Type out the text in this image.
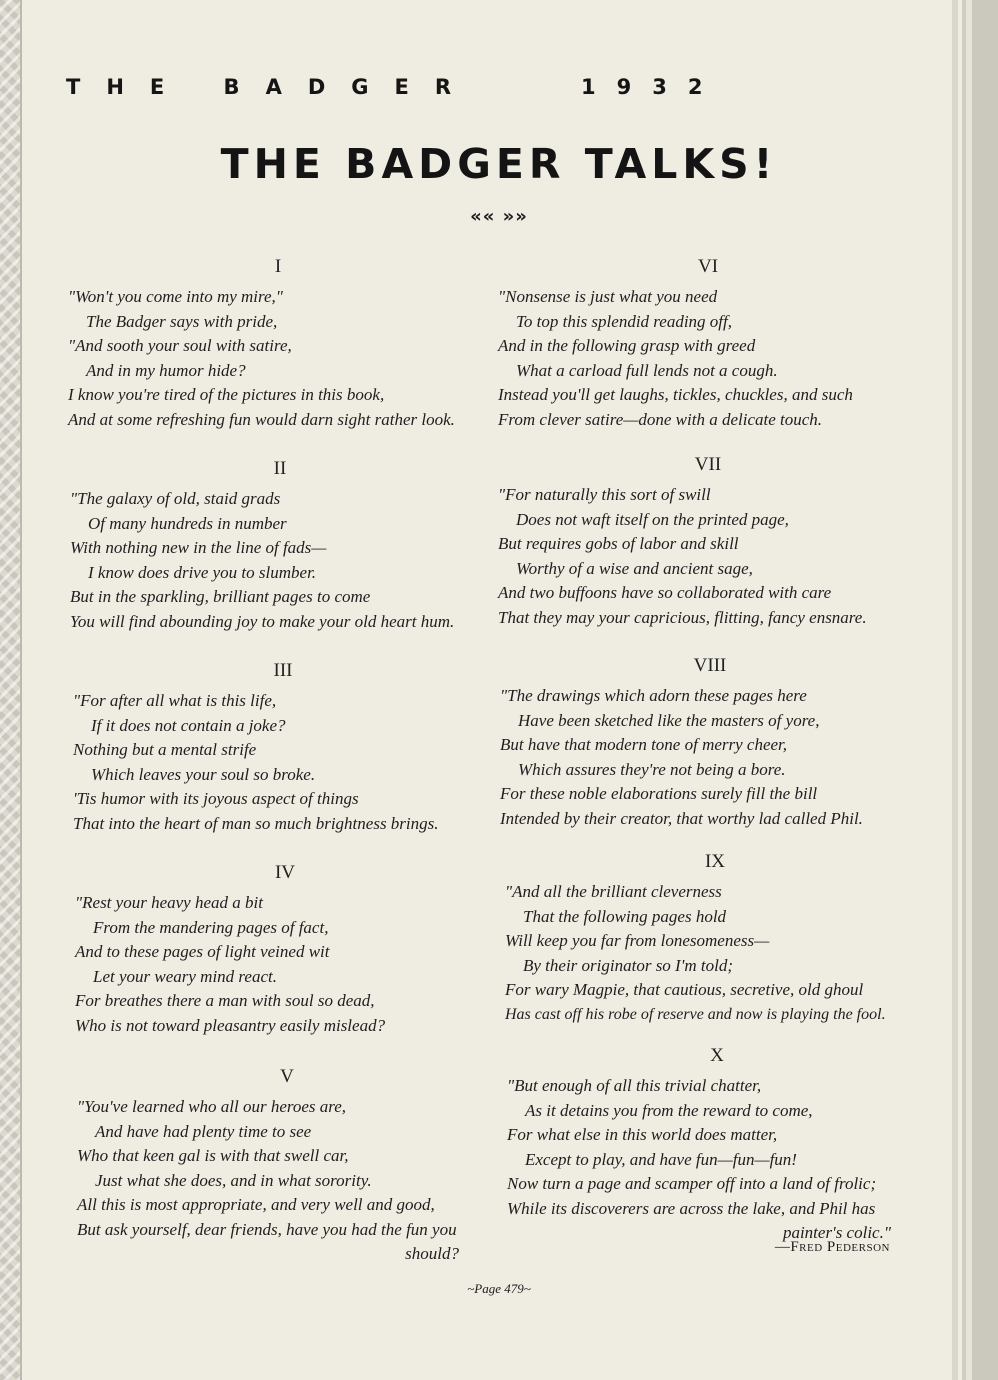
THE BADGER	1932
THE BADGER TALKS!
«« »»
I
"Won't you come into my mire,"
The Badger says with pride,
"And sooth your soul with satire,
And in my humor hide?
I know you're tired of the pictures in this book,
And at some refreshing fun would darn sight rather look.
II
"The galaxy of old, staid grads
Of many hundreds in number
With nothing new in the line of fads—
I know does drive you to slumber.
But in the sparkling, brilliant pages to come
You will find abounding joy to make your old heart hum.
III
"For after all what is this life,
If it does not contain a joke?
Nothing but a mental strife
Which leaves your soul so broke.
'Tis humor with its joyous aspect of things
That into the heart of man so much brightness brings.
IV
"Rest your heavy head a bit
From the mandering pages of fact,
And to these pages of light veined wit
Let your weary mind react.
For breathes there a man with soul so dead,
Who is not toward pleasantry easily mislead?
V
"You've learned who all our heroes are,
And have had plenty time to see
Who that keen gal is with that swell car,
Just what she does, and in what sorority.
All this is most appropriate, and very well and good,
But ask yourself, dear friends, have you had the fun you
should?
VI
"Nonsense is just what you need
To top this splendid reading off,
And in the following grasp with greed
What a carload full lends not a cough.
Instead you'll get laughs, tickles, chuckles, and such
From clever satire—done with a delicate touch.
VII
"For naturally this sort of swill
Does not waft itself on the printed page,
But requires gobs of labor and skill
Worthy of a wise and ancient sage,
And two buffoons have so collaborated with care
That they may your capricious, flitting, fancy ensnare.
VIII
"The drawings which adorn these pages here
Have been sketched like the masters of yore,
But have that modern tone of merry cheer,
Which assures they're not being a bore.
For these noble elaborations surely fill the bill
Intended by their creator, that worthy lad called Phil.
IX
"And all the brilliant cleverness
That the following pages hold
Will keep you far from lonesomeness—
By their originator so I'm told;
For wary Magpie, that cautious, secretive, old ghoul
Has cast off his robe of reserve and now is playing the fool.
X
"But enough of all this trivial chatter,
As it detains you from the reward to come,
For what else in this world does matter,
Except to play, and have fun—fun—fun!
Now turn a page and scamper off into a land of frolic;
While its discoverers are across the lake, and Phil has
painter's colic."
—Fred Pederson
~Page 479~
